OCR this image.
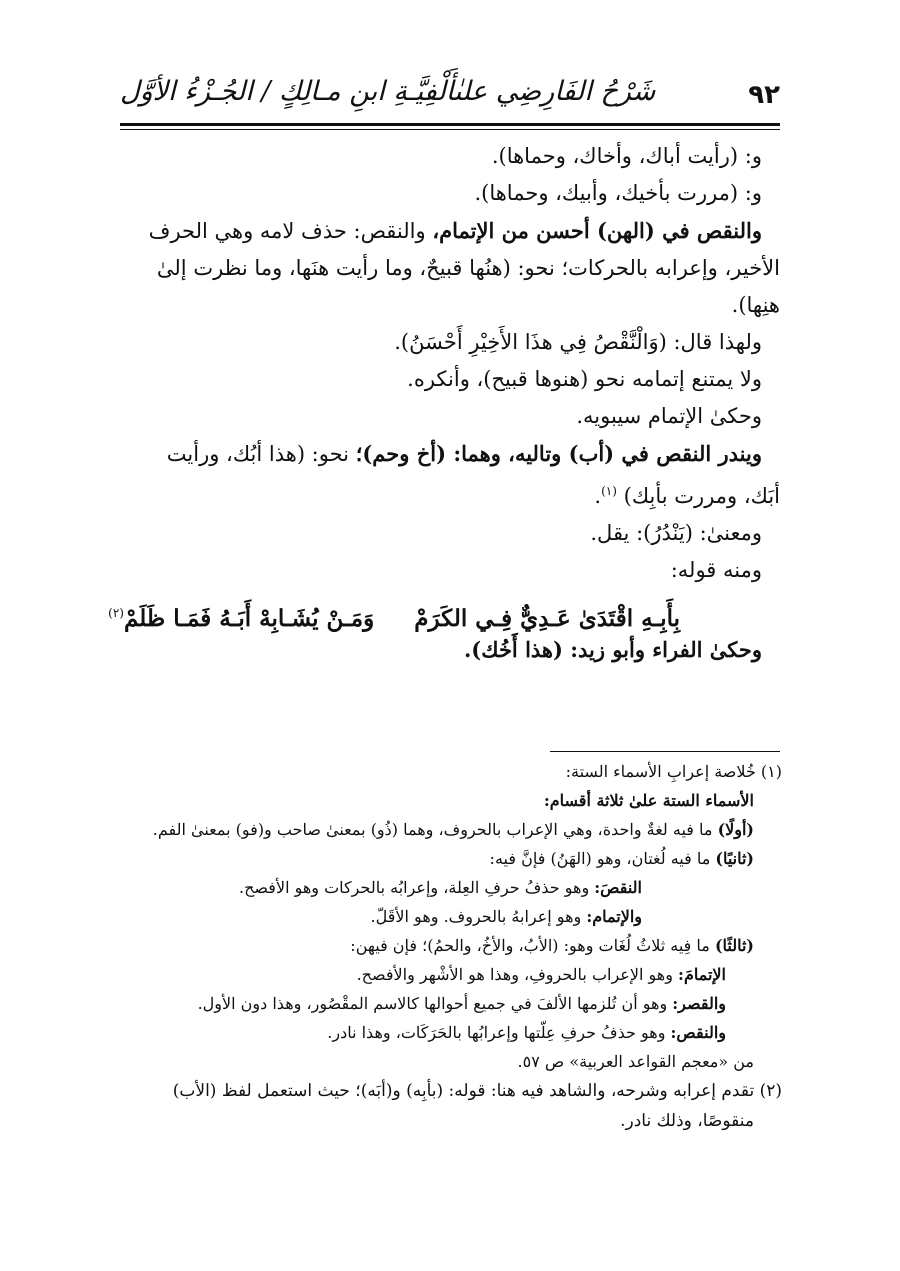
٩٢
شَرْحُ الفَارِضِي علىٰأَلْفِيَّـةِ ابنِ مـالِكٍ / الجُـزْءُ الأوَّل

و: (رأيت أباك، وأخاك، وحماها).

و: (مررت بأخيك، وأبيك، وحماها).

والنقص في (الهن) أحسن من الإتمام، والنقص: حذف لامه وهي الحرف

الأخير، وإعرابه بالحركات؛ نحو: (هنُها قبيحٌ، وما رأيت هنَها، وما نظرت إلىٰ

هنِها).

ولهذا قال: (وَالْنَّقْصُ فِي هذَا الأَخِيْرِ أَحْسَنُ).

ولا يمتنع إتمامه نحو (هنوها قبيح)، وأنكره.

وحكىٰ الإتمام سيبويه.

ويندر النقص في (أب) وتاليه، وهما: (أخ وحم)؛ نحو: (هذا أبُك، ورأيت

أبَك، ومررت بأبِك) $^{(١)}$.

ومعنىٰ: (يَنْدُرُ): يقل.

ومنه قوله:

بِأَبِـهِ اقْتَدَىٰ عَـدِيٌّ فِـي الكَرَمْوَمَـنْ يُشَـابِهْ أَبَـهُ فَمَـا ظَلَمْ$^{(٢)}$

وحكىٰ الفراء وأبو زيد: (هذا أَخُك).

(١) خُلاصة إعرابِ الأسماء الستة:

الأسماء الستة علىٰ ثلاثة أقسام:

(أولًا) ما فيه لغةٌ واحدة، وهي الإعراب بالحروف، وهما (ذُو) بمعنىٰ صاحب و(فو) بمعنىٰ الفم.

(ثانيًا) ما فيه لُغتان، وهو (الهَنُ) فإنَّ فيه:

النقصَ: وهو حذفُ حرفِ العِلة، وإعرابُه بالحركات وهو الأفصح.

والإتمام: وهو إعرابهُ بالحروف. وهو الأقَلّ.

(ثالثًا) ما فِيه ثلاثُ لُغَات وهو: (الأبُ، والأخُ، والحمُ)؛ فإن فيهن:

الإتمامَ: وهو الإعراب بالحروفِ، وهذا هو الأشْهر والأفصح.

والقصر: وهو أن تُلزمها الألفَ في جميع أحوالها كالاسم المقْصُور، وهذا دون الأول.

والنقص: وهو حذفُ حرفِ عِلّتها وإعرابُها بالحَرَكَات، وهذا نادر.

من «معجم القواعد العربية» ص ٥٧.

(٢) تقدم إعرابه وشرحه، والشاهد فيه هنا: قوله: (بأبِه) و(أبَه)؛ حيث استعمل لفظ (الأب)

منقوصًا، وذلك نادر.
